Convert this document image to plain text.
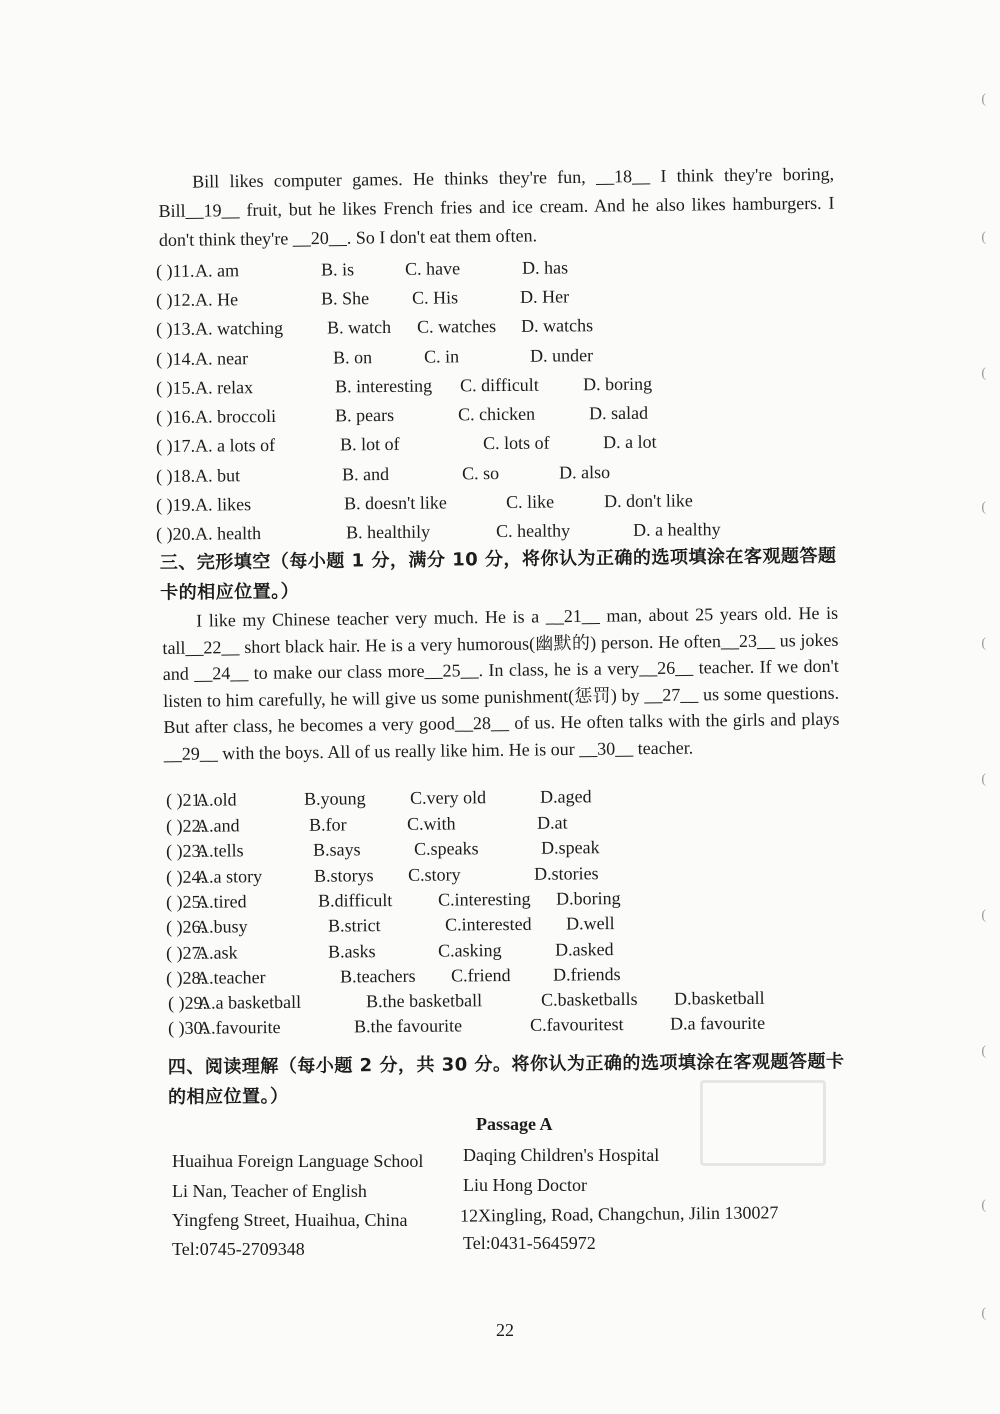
(
(
(
(
(
(
(
(
(
(

Bill likes computer games. He thinks they're fun, __18__ I think they're boring, Bill__19__ fruit, but he likes French fries and ice cream. And he also likes hamburgers. I don't think they're __20__. So I don't eat them often.

( )11. A. am	B. is	C. have	D. has
( )12. A. He	B. She C. His	D. Her
( )13. A. watching B. watch C. watches D. watchs
( )14. A. near	B. on	C. in	D. under
( )15. A. relax	B. interesting C. difficult D. boring
( )16. A. broccoli	B. pears	C. chicken	D. salad
( )17. A. a lots of	B. lot of	C. lots of	D. a lot
( )18. A. but	B. and	C. so	D. also
( )19. A. likes	B. doesn't like	C. like	D. don't like
( )20. A. health	B. healthily	C. healthy	D. a healthy
三、完形填空（每小题 1 分，满分 10 分，将你认为正确的选项填涂在客观题答题卡的相应位置。）

I like my Chinese teacher very much. He is a __21__ man, about 25 years old. He is tall__22__ short black hair. He is a very humorous(幽默的) person. He often__23__ us jokes and __24__ to make our class more__25__. In class, he is a very__26__ teacher. If we don't listen to him carefully, he will give us some punishment(惩罚) by __27__ us some questions. But after class, he becomes a very good__28__ of us. He often talks with the girls and plays __29__ with the boys. All of us really like him. He is our __30__ teacher.

( )21.
A.old	B.young C.very old	D.aged
( )22.
A.and	B.for	C.with	D.at
( )23.
A.tells	B.says	C.speaks	D.speak
( )24.
A.a story	B.storys C.story	D.stories
( )25.
A.tired	B.difficult	C.interesting D.boring
( )26.
A.busy	B.strict	C.interested D.well
( )27.
A.ask	B.asks	C.asking	D.asked
( )28.
A.teacher	B.teachers C.friend D.friends
( )29.
A.a basketball	B.the basketball	C.basketballs D.basketball
( )30.
A.favourite	B.the favourite	C.favouritest	D.a favourite
四、阅读理解（每小题 2 分，共 30 分。将你认为正确的选项填涂在客观题答题卡的相应位置。）
Passage A
Huaihua Foreign Language School
Li Nan, Teacher of English
Yingfeng Street, Huaihua, China
Tel:0745-2709348
Daqing Children's Hospital
Liu Hong Doctor
12Xingling, Road, Changchun, Jilin 130027
Tel:0431-5645972
22
